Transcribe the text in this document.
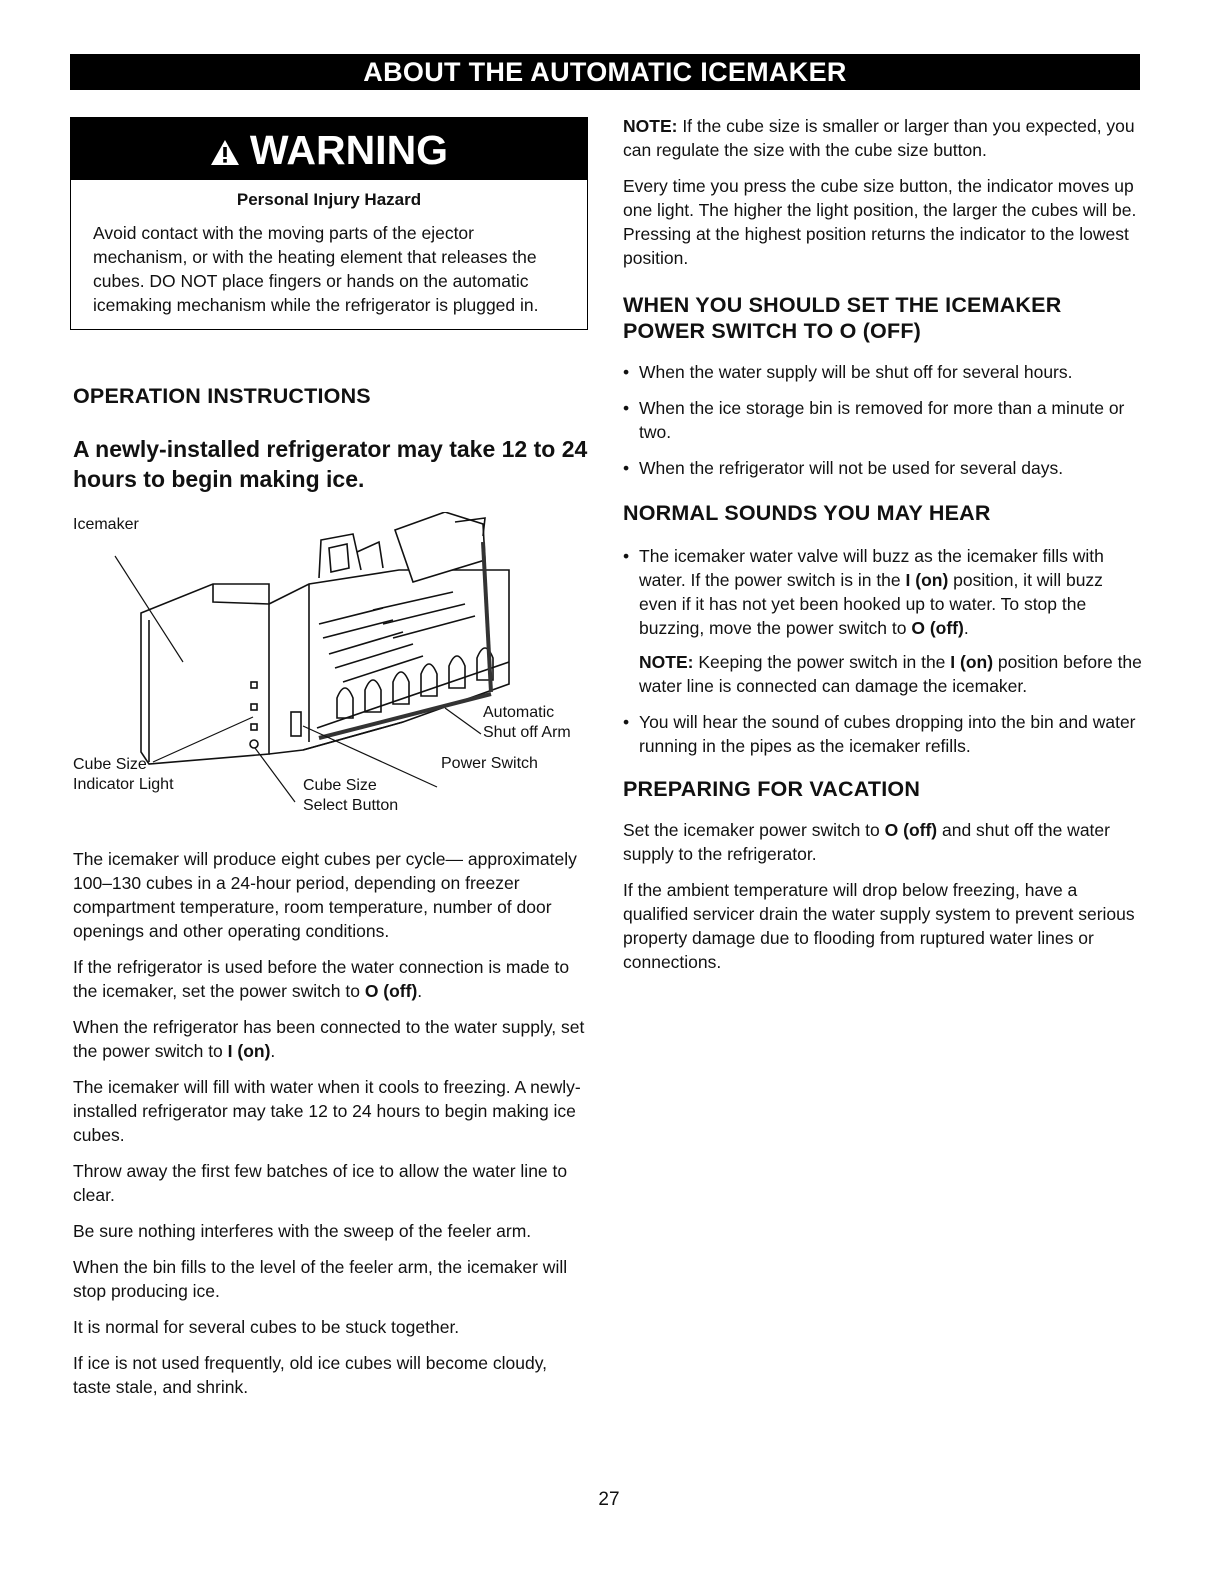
ABOUT THE AUTOMATIC ICEMAKER
WARNING
Personal Injury Hazard
Avoid contact with the moving parts of the ejector mechanism, or with the heating element that releases the cubes. DO NOT place fingers or hands on the automatic icemaking mechanism while the refrigerator is plugged in.
OPERATION INSTRUCTIONS
A newly-installed refrigerator may take 12 to 24 hours to begin making ice.
Icemaker
Cube Size
Indicator Light	Cube Size
Select Button
Automatic
Shut off Arm
Power Switch

The icemaker will produce eight cubes per cycle— approximately 100–130 cubes in a 24-hour period, depending on freezer compartment temperature, room temperature, number of door openings and other operating conditions.

If the refrigerator is used before the water connection is made to the icemaker, set the power switch to O (off).

When the refrigerator has been connected to the water supply, set the power switch to I (on).

The icemaker will fill with water when it cools to freezing. A newly-installed refrigerator may take 12 to 24 hours to begin making ice cubes.

Throw away the first few batches of ice to allow the water line to clear.

Be sure nothing interferes with the sweep of the feeler arm.

When the bin fills to the level of the feeler arm, the icemaker will stop producing ice.

It is normal for several cubes to be stuck together.

If ice is not used frequently, old ice cubes will become cloudy, taste stale, and shrink.

NOTE: If the cube size is smaller or larger than you expected, you can regulate the size with the cube size button.

Every time you press the cube size button, the indicator moves up one light. The higher the light position, the larger the cubes will be. Pressing at the highest position returns the indicator to the lowest position.

WHEN YOU SHOULD SET THE ICEMAKER POWER SWITCH TO O (OFF)
• When the water supply will be shut off for several hours.
• When the ice storage bin is removed for more than a minute or two.
• When the refrigerator will not be used for several days.
NORMAL SOUNDS YOU MAY HEAR
• The icemaker water valve will buzz as the icemaker fills with water. If the power switch is in the I (on) position, it will buzz even if it has not yet been hooked up to water. To stop the buzzing, move the power switch to O (off).
NOTE: Keeping the power switch in the I (on) position before the water line is connected can damage the icemaker.
• You will hear the sound of cubes dropping into the bin and water running in the pipes as the icemaker refills.
PREPARING FOR VACATION

Set the icemaker power switch to O (off) and shut off the water supply to the refrigerator.

If the ambient temperature will drop below freezing, have a qualified servicer drain the water supply system to prevent serious property damage due to flooding from ruptured water lines or connections.

27
